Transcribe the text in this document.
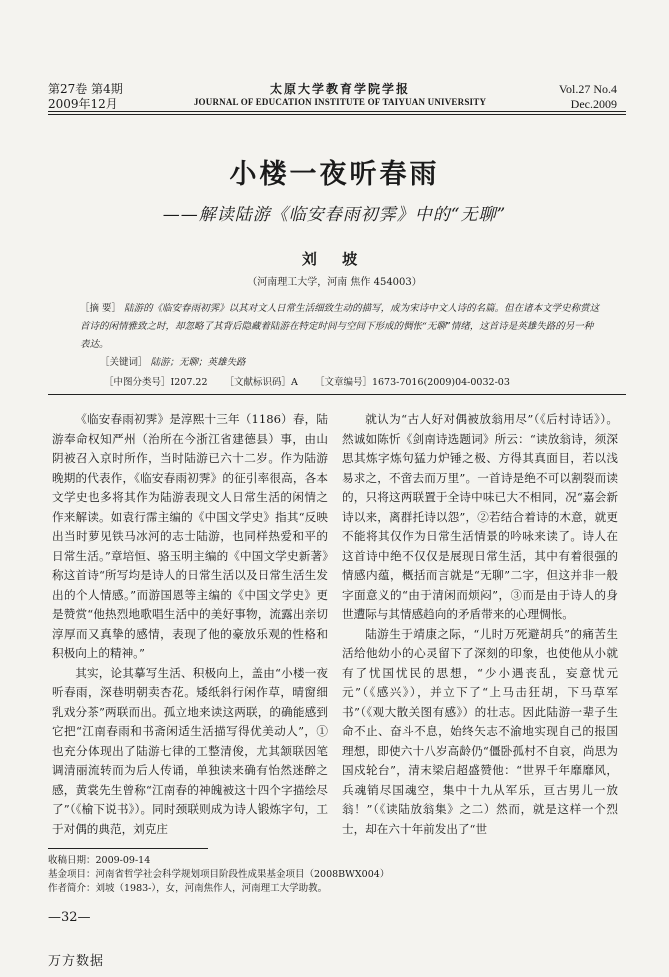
第27卷 第4期
2009年12月
太原大学教育学院学报
JOURNAL OF EDUCATION INSTITUTE OF TAIYUAN UNIVERSITY
Vol.27 No.4
Dec.2009
小楼一夜听春雨
——解读陆游《临安春雨初霁》中的“无聊”
刘 坡
（河南理工大学，河南 焦作 454003）
［摘 要］ 陆游的《临安春雨初霁》以其对文人日常生活细致生动的描写，成为宋诗中文人诗的名篇。但在诸本文学史称赏这首诗的闲情雅致之时，却忽略了其背后隐藏着陆游在特定时间与空间下形成的惆怅“无聊”情绪，这首诗是英雄失路的另一种表达。
［关键词］ 陆游；无聊；英雄失路
［中图分类号］I207.22 ［文献标识码］A ［文章编号］1673-7016(2009)04-0032-03

《临安春雨初霁》是淳熙十三年（1186）春，陆游奉命权知严州（治所在今浙江省建德县）事，由山阴被召入京时所作，当时陆游已六十二岁。作为陆游晚期的代表作，《临安春雨初霁》的征引率很高，各本文学史也多将其作为陆游表现文人日常生活的闲情之作来解读。如袁行霈主编的《中国文学史》指其“反映出当时萝见铁马冰河的志士陆游，也同样热爱和平的日常生活。”章培恒、骆玉明主编的《中国文学史新著》称这首诗“所写均是诗人的日常生活以及日常生活生发出的个人情感。”而游国恩等主编的《中国文学史》更是赞赏“他热烈地歌唱生活中的美好事物，流露出亲切淳厚而又真挚的感情，表现了他的豪放乐观的性格和积极向上的精神。”

其实，论其摹写生活、积极向上，盖由“小楼一夜听春雨，深巷明朝卖杏花。矮纸斜行闲作草，晴窗细乳戏分茶”两联而出。孤立地来读这两联，的确能感到它把“江南春雨和书斋闲适生活描写得优美动人”，①也充分体现出了陆游七律的工整清俊，尤其颔联因笔调清丽流转而为后人传诵，单独读来确有怡然迷醉之感，黄裳先生曾称“江南春的神魄被这十四个字描绘尽了”（《榆下说书》）。同时颈联则成为诗人锻炼字句，工于对偶的典范，刘克庄

就认为“古人好对偶被放翁用尽”（《后村诗话》）。然诚如陈忻《剑南诗选题词》所云：“读放翁诗，须深思其炼字炼句猛力炉锤之极、方得其真面目，若以浅易求之，不啻去而万里”。一首诗是绝不可以割裂而读的，只将这两联置于全诗中味已大不相同，况“嘉会新诗以来，离群托诗以怨”，②若结合着诗的木意，就更不能将其仅作为日常生活情景的吟咏来读了。诗人在这首诗中绝不仅仅是展现日常生活，其中有着很强的情感内蕴，概括而言就是“无聊”二字，但这并非一般字面意义的“由于清闲而烦闷”，③而是由于诗人的身世遭际与其情感趋向的矛盾带来的心理惆怅。

陆游生于靖康之际，“儿时万死避胡兵”的痛苦生活给他幼小的心灵留下了深刻的印象，也使他从小就有了忧国忧民的思想，“少小遇丧乱，妄意忧元元”（《感兴》），并立下了“上马击狂胡，下马草军书”（《观大散关图有感》）的壮志。因此陆游一辈子生命不止、奋斗不息，始终矢志不渝地实现自己的报国理想，即使六十八岁高龄仍“僵卧孤村不自哀，尚思为国戍轮台”，清末梁启超盛赞他：“世界千年靡靡风，兵魂销尽国魂空，集中十九从军乐，亘古男儿一放翁！”（《读陆放翁集》之二）然而，就是这样一个烈士，却在六十年前发出了“世

收稿日期：2009-09-14
基金项目：河南省哲学社会科学规划项目阶段性成果基金项目（2008BWX004）
作者简介：刘坡（1983-），女，河南焦作人，河南理工大学助教。
—32—
万方数据
